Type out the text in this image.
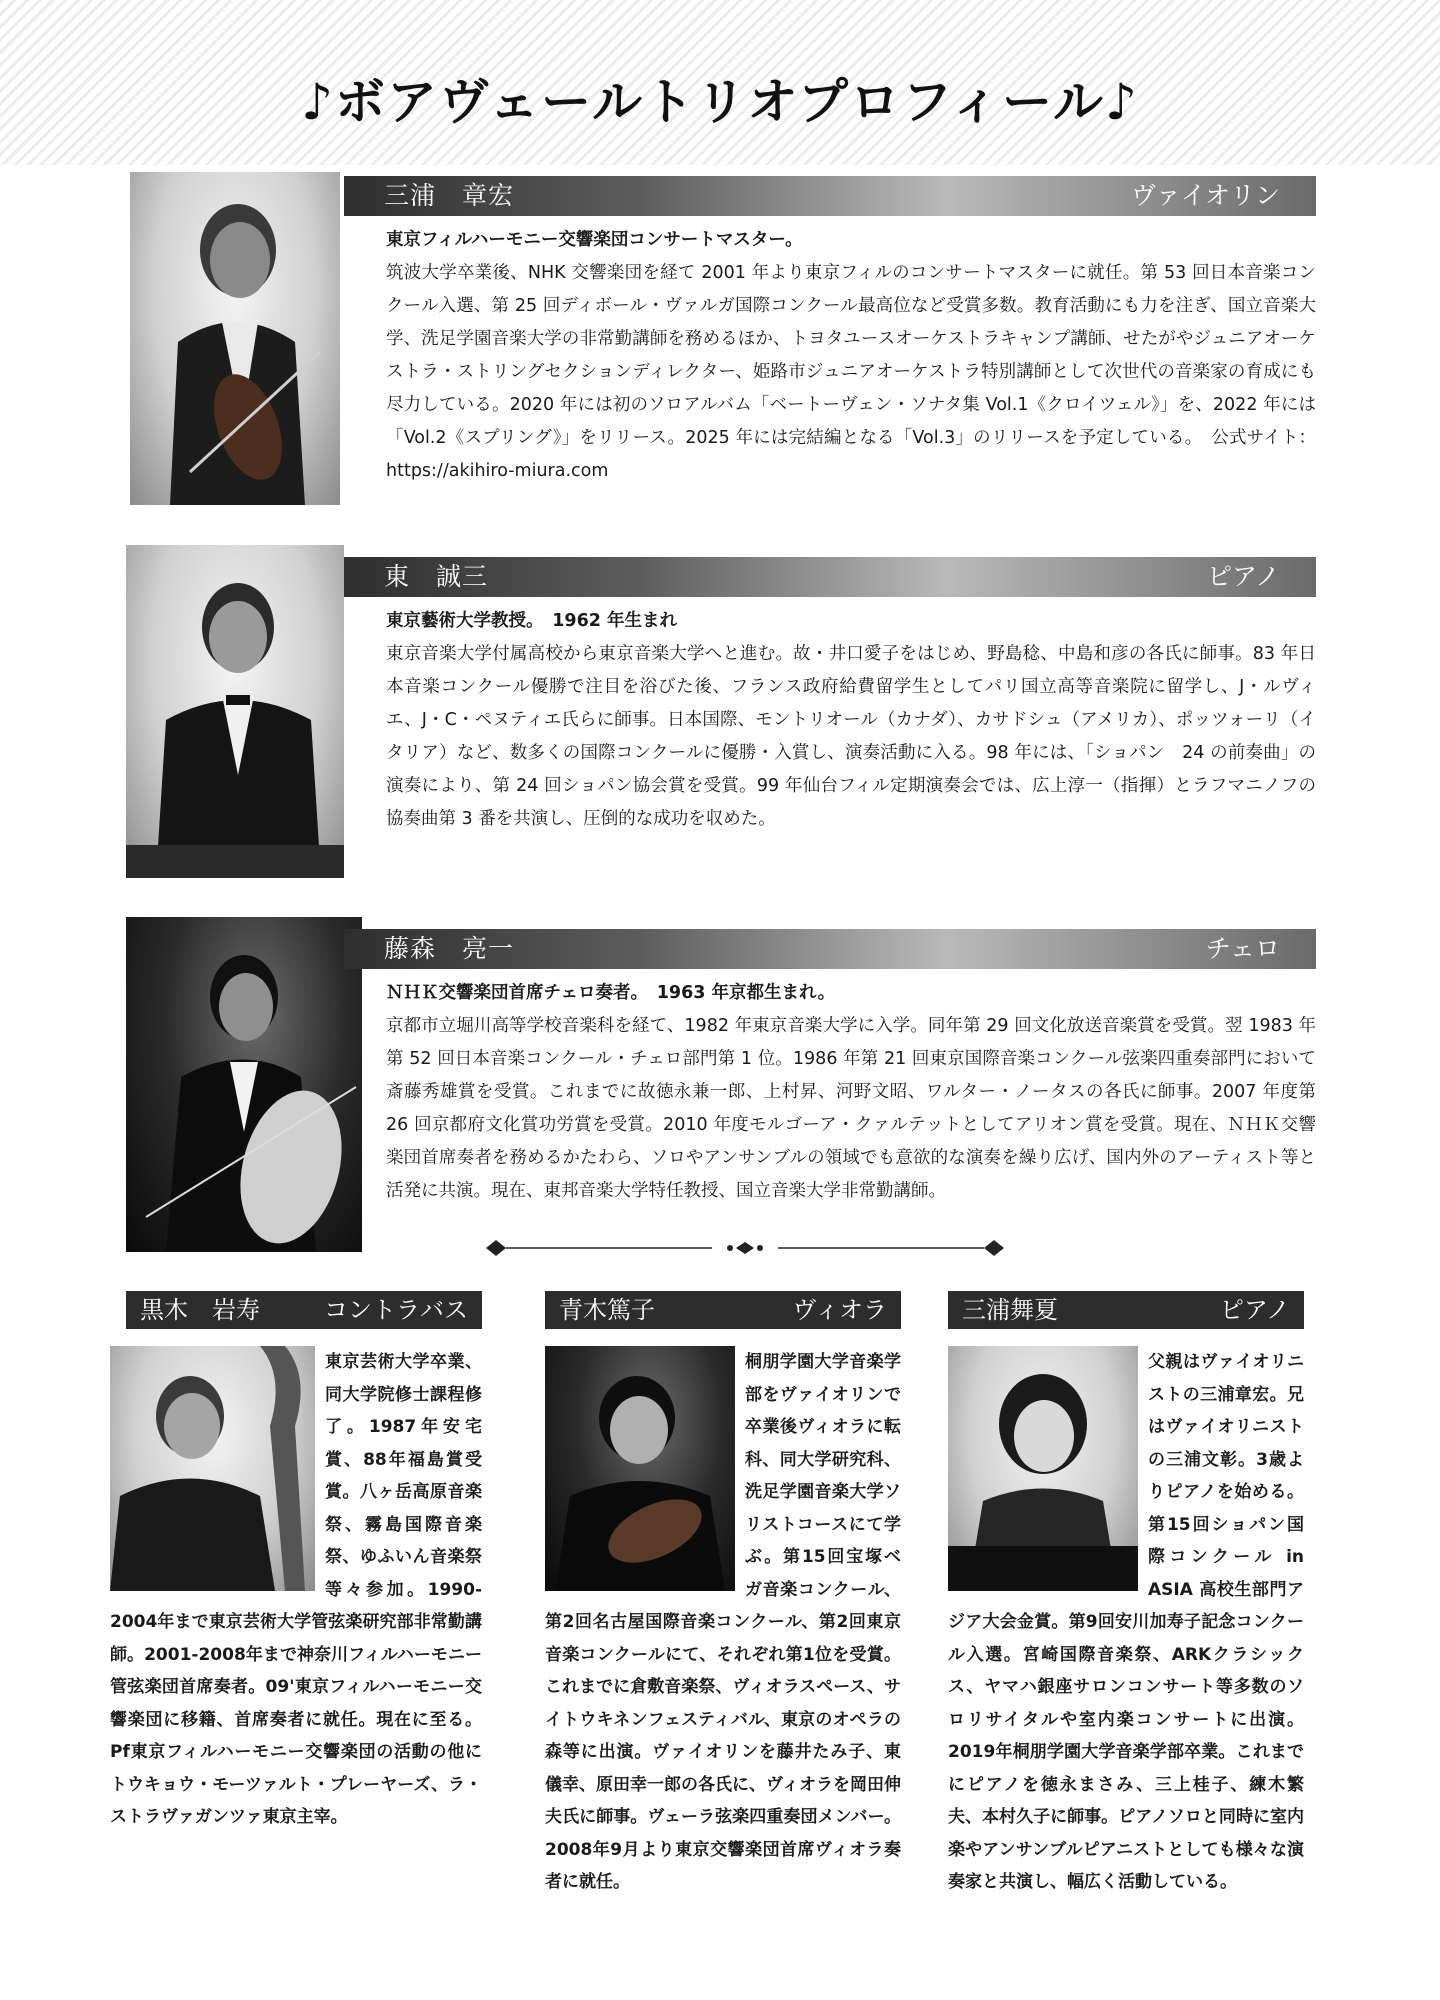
♪ボアヴェールトリオプロフィール♪
三浦　章宏	ヴァイオリン
東京フィルハーモニー交響楽団コンサートマスター。
筑波大学卒業後、NHK 交響楽団を経て 2001 年より東京フィルのコンサートマスターに就任。第 53 回日本音楽コンクール入選、第 25 回ディボール・ヴァルガ国際コンクール最高位など受賞多数。教育活動にも力を注ぎ、国立音楽大学、洗足学園音楽大学の非常勤講師を務めるほか、トヨタユースオーケストラキャンプ講師、せたがやジュニアオーケストラ・ストリングセクションディレクター、姫路市ジュニアオーケストラ特別講師として次世代の音楽家の育成にも尽力している。2020 年には初のソロアルバム「ベートーヴェン・ソナタ集 Vol.1《クロイツェル》」を、2022 年には「Vol.2《スプリング》」をリリース。2025 年には完結編となる「Vol.3」のリリースを予定している。　公式サイト：https://akihiro-miura.com
東　誠三	ピアノ
東京藝術大学教授。　1962 年生まれ
東京音楽大学付属高校から東京音楽大学へと進む。故・井口愛子をはじめ、野島稔、中島和彦の各氏に師事。83 年日本音楽コンクール優勝で注目を浴びた後、フランス政府給費留学生としてパリ国立高等音楽院に留学し、J・ルヴィエ、J・C・ペヌティエ氏らに師事。日本国際、モントリオール（カナダ）、カサドシュ（アメリカ）、ポッツォーリ（イタリア）など、数多くの国際コンクールに優勝・入賞し、演奏活動に入る。98 年には、「ショパン　24 の前奏曲」の演奏により、第 24 回ショパン協会賞を受賞。99 年仙台フィル定期演奏会では、広上淳一（指揮）とラフマニノフの協奏曲第 3 番を共演し、圧倒的な成功を収めた。
藤森　亮一	チェロ
ＮＨＫ交響楽団首席チェロ奏者。　1963 年京都生まれ。
京都市立堀川高等学校音楽科を経て、1982 年東京音楽大学に入学。同年第 29 回文化放送音楽賞を受賞。翌 1983 年第 52 回日本音楽コンクール・チェロ部門第 1 位。1986 年第 21 回東京国際音楽コンクール弦楽四重奏部門において斎藤秀雄賞を受賞。これまでに故徳永兼一郎、上村昇、河野文昭、ワルター・ノータスの各氏に師事。2007 年度第 26 回京都府文化賞功労賞を受賞。2010 年度モルゴーア・クァルテットとしてアリオン賞を受賞。現在、ＮＨＫ交響楽団首席奏者を務めるかたわら、ソロやアンサンブルの領域でも意欲的な演奏を繰り広げ、国内外のアーティスト等と活発に共演。現在、東邦音楽大学特任教授、国立音楽大学非常勤講師。
黒木　岩寿	コントラバス
東京芸術大学卒業、同大学院修士課程修了。1987年安宅賞、88年福島賞受賞。八ヶ岳高原音楽祭、霧島国際音楽祭、ゆふいん音楽祭等々参加。1990-2004年まで東京芸術大学管弦楽研究部非常勤講師。2001-2008年まで神奈川フィルハーモニー管弦楽団首席奏者。09'東京フィルハーモニー交響楽団に移籍、首席奏者に就任。現在に至る。Pf東京フィルハーモニー交響楽団の活動の他にトウキョウ・モーツァルト・プレーヤーズ、ラ・ストラヴァガンツァ東京主宰。
青木篤子	ヴィオラ
桐朋学園大学音楽学部をヴァイオリンで卒業後ヴィオラに転科、同大学研究科、洗足学園音楽大学ソリストコースにて学ぶ。第15回宝塚ベガ音楽コンクール、第2回名古屋国際音楽コンクール、第2回東京音楽コンクールにて、それぞれ第1位を受賞。これまでに倉敷音楽祭、ヴィオラスペース、サイトウキネンフェスティバル、東京のオペラの森等に出演。ヴァイオリンを藤井たみ子、東儀幸、原田幸一郎の各氏に、ヴィオラを岡田伸夫氏に師事。ヴェーラ弦楽四重奏団メンバー。2008年9月より東京交響楽団首席ヴィオラ奏者に就任。
三浦舞夏	ピアノ
父親はヴァイオリニストの三浦章宏。兄はヴァイオリニストの三浦文彰。3歳よりピアノを始める。第15回ショパン国際コンクール in ASIA 高校生部門アジア大会金賞。第9回安川加寿子記念コンクール入選。宮崎国際音楽祭、ARKクラシックス、ヤマハ銀座サロンコンサート等多数のソロリサイタルや室内楽コンサートに出演。2019年桐朋学園大学音楽学部卒業。これまでにピアノを徳永まさみ、三上桂子、練木繁夫、本村久子に師事。ピアノソロと同時に室内楽やアンサンブルピアニストとしても様々な演奏家と共演し、幅広く活動している。
